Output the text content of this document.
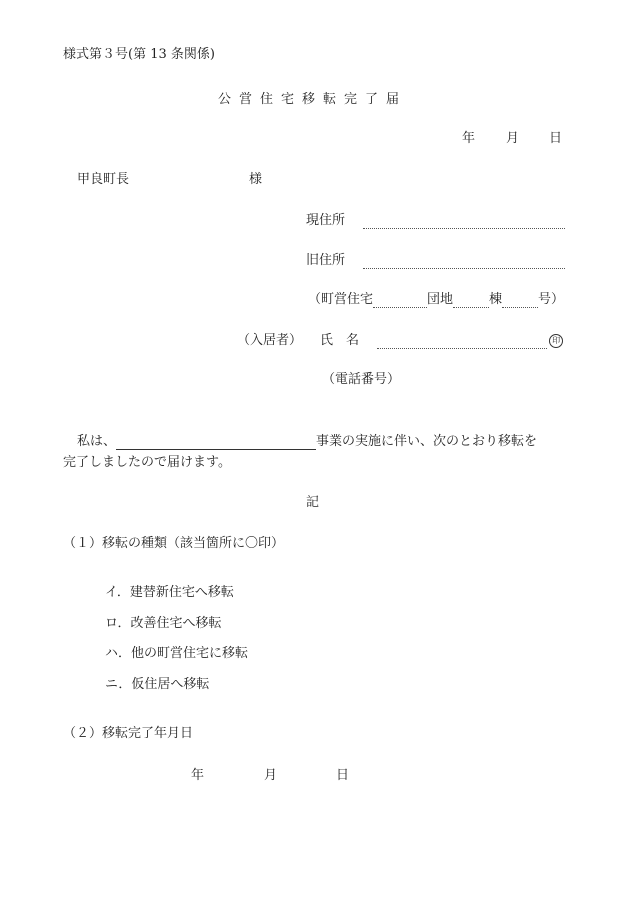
様式第３号(第 13 条関係)
公営住宅移転完了届
年 月 日
甲良町長	様
現住所
旧住所
（町営住宅	団地	棟	号）
（入居者） 氏　名	印
（電話番号）
私は、	事業の実施に伴い、次のとおり移転を
完了しましたので届けます。
記
（１）移転の種類（該当箇所に〇印）
イ．建替新住宅へ移転
ロ．改善住宅へ移転
ハ．他の町営住宅に移転
ニ．仮住居へ移転
（２）移転完了年月日
年	月	日
